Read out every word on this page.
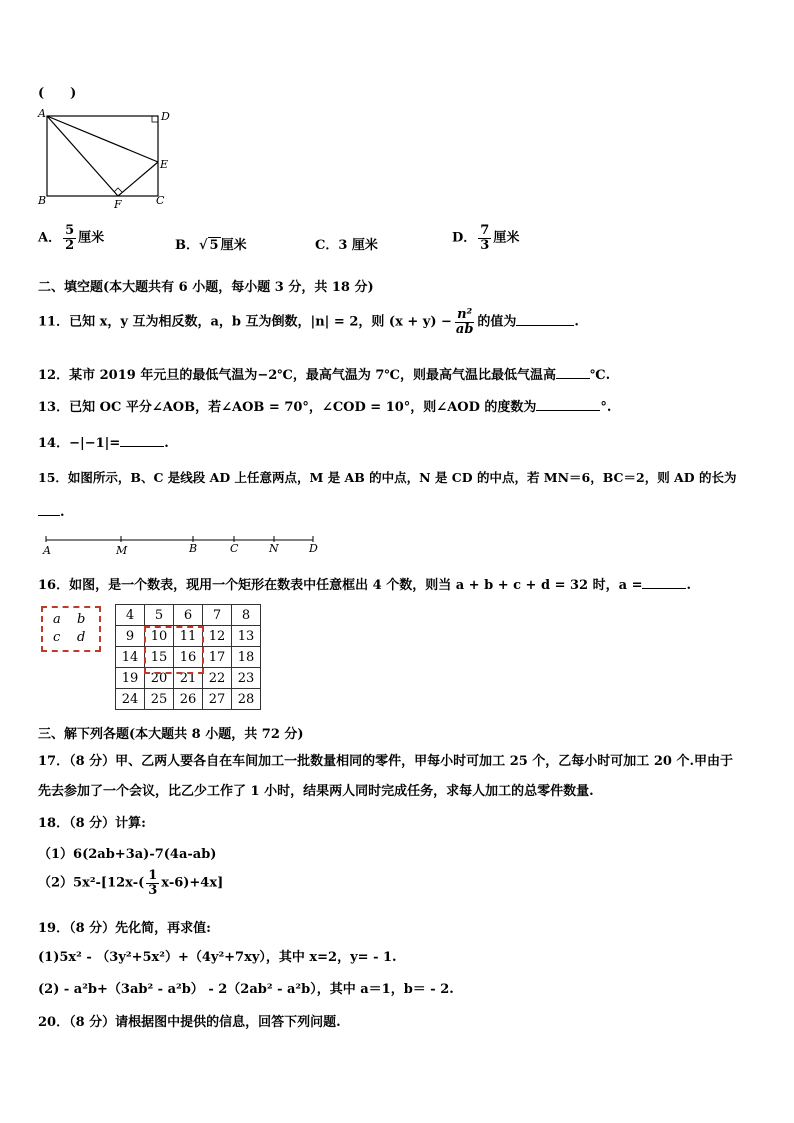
(　　)
A	D
E
B	F	C
A． $\frac{5}{2}$ 厘米	B．√ 5 厘米	C．3 厘米	D． $\frac{7}{3}$ 厘米
二、填空题(本大题共有 6 小题，每小题 3 分，共 18 分)
11．已知 x，y 互为相反数，a，b 互为倒数，|n| = 2，则 $(x + y) - \frac{\text{n²}}{ab}$ 的值为	.
12．某市 2019 年元旦的最低气温为−2℃，最高气温为 7℃，则最高气温比最低气温高	℃.
13．已知 OC 平分∠AOB，若∠AOB = 70°，∠COD = 10°，则∠AOD 的度数为	°.
14．−|−1|=	.
15．如图所示，B、C 是线段 AD 上任意两点，M 是 AB 的中点，N 是 CD 的中点，若 MN＝6，BC＝2，则 AD 的长为
.
A	M	B	C	N	D
16．如图，是一个数表，现用一个矩形在数表中任意框出 4 个数，则当 a + b + c + d = 32 时，a =	.
a b
c d
4	5	6	7	8
9	10	11	12	13
14	15	16	17	18
19	20	21	22	23
24	25	26	27	28
三、解下列各题(本大题共 8 小题，共 72 分)
17．（8 分）甲、乙两人要各自在车间加工一批数量相同的零件，甲每小时可加工 25 个，乙每小时可加工 20 个.甲由于
先去参加了一个会议，比乙少工作了 1 小时，结果两人同时完成任务，求每人加工的总零件数量.
18．（8 分）计算:
（1）6(2ab+3a)-7(4a-ab)
$(2)5x^2-[12x-( \frac{1}{3} x-6)+4x]$
19．（8 分）先化简，再求值:
(1)5x² - （3y²+5x²）+（4y²+7xy），其中 x=2，y= - 1.
(2) - a²b+（3ab² - a²b） - 2（2ab² - a²b），其中 a＝1，b＝ - 2.
20．（8 分）请根据图中提供的信息，回答下列问题.
